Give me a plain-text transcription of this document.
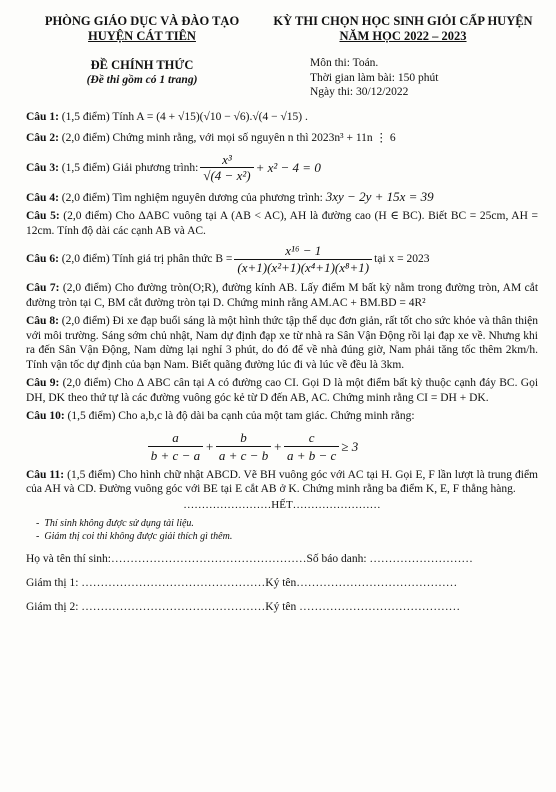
PHÒNG GIÁO DỤC VÀ ĐÀO TẠO
HUYỆN CÁT TIÊN
ĐỀ CHÍNH THỨC
(Đề thi gồm có 1 trang)
KỲ THI CHỌN HỌC SINH GIỎI CẤP HUYỆN
NĂM HỌC 2022 – 2023
Môn thi: Toán.
Thời gian làm bài: 150 phút
Ngày thi: 30/12/2022
Câu 1: (1,5 điểm) Tính A = (4 + √15)(√10 − √6).√(4 − √15) .
Câu 2: (2,0 điểm) Chứng minh rằng, với mọi số nguyên n thì 2023n³ + 11n ⋮ 6
Câu 3:
(1,5 điểm) Giải phương trình: $\frac{\text{x³}}{\text{√(4 − x²)}} + x^2 - 4 = 0$
Câu 4: (2,0 điểm) Tìm nghiệm nguyên dương của phương trình: 3xy − 2y + 15x = 39
Câu 5: (2,0 điểm) Cho ΔABC vuông tại A (AB < AC), AH là đường cao (H ∈ BC). Biết BC = 25cm, AH = 12cm. Tính độ dài các cạnh AB và AC.
Câu 6:
(2,0 điểm) Tính giá trị phân thức $B = \frac{\text{x¹⁶ − 1}}{\text{(x+1)(x²+1)(x⁴+1)(x⁸+1)}}$ tại x = 2023
Câu 7: (2,0 điểm) Cho đường tròn(O;R), đường kính AB. Lấy điểm M bất kỳ nằm trong đường tròn, AM cắt đường tròn tại C, BM cắt đường tròn tại D. Chứng minh rằng AM.AC + BM.BD = 4R²
Câu 8: (2,0 điểm) Đi xe đạp buổi sáng là một hình thức tập thể dục đơn giản, rất tốt cho sức khỏe và thân thiện với môi trường. Sáng sớm chủ nhật, Nam dự định đạp xe từ nhà ra Sân Vận Động rồi lại đạp xe về. Nhưng khi ra đến Sân Vận Động, Nam dừng lại nghỉ 3 phút, do đó để về nhà đúng giờ, Nam phải tăng tốc thêm 2km/h. Tính vận tốc dự định của bạn Nam. Biết quãng đường lúc đi và lúc về đều là 3km.
Câu 9: (2,0 điểm) Cho Δ ABC cân tại A có đường cao CI. Gọi D là một điểm bất kỳ thuộc cạnh đáy BC. Gọi DH, DK theo thứ tự là các đường vuông góc kẻ từ D đến AB, AC. Chứng minh rằng CI = DH + DK.
Câu 10: (1,5 điểm) Cho a,b,c là độ dài ba cạnh của một tam giác. Chứng minh rằng:
$\frac{a}{b + c - a} + \frac{b}{a + c - b} + \frac{c}{a + b - c} \ge 3$
Câu 11: (1,5 điểm) Cho hình chữ nhật ABCD. Vẽ BH vuông góc với AC tại H. Gọi E, F lần lượt là trung điểm của AH và CD. Đường vuông góc với BE tại E cắt AB ở K. Chứng minh rằng ba điểm K, E, F thẳng hàng.
……………………HẾT……………………
-  Thí sinh không được sử dụng tài liệu.
-  Giám thị coi thi không được giải thích gì thêm.
Họ và tên thí sinh:……………………………………………Số báo danh: ………………………
Giám thị 1: …………………………………………Ký tên……………………………………
Giám thị 2: …………………………………………Ký tên ……………………………………
